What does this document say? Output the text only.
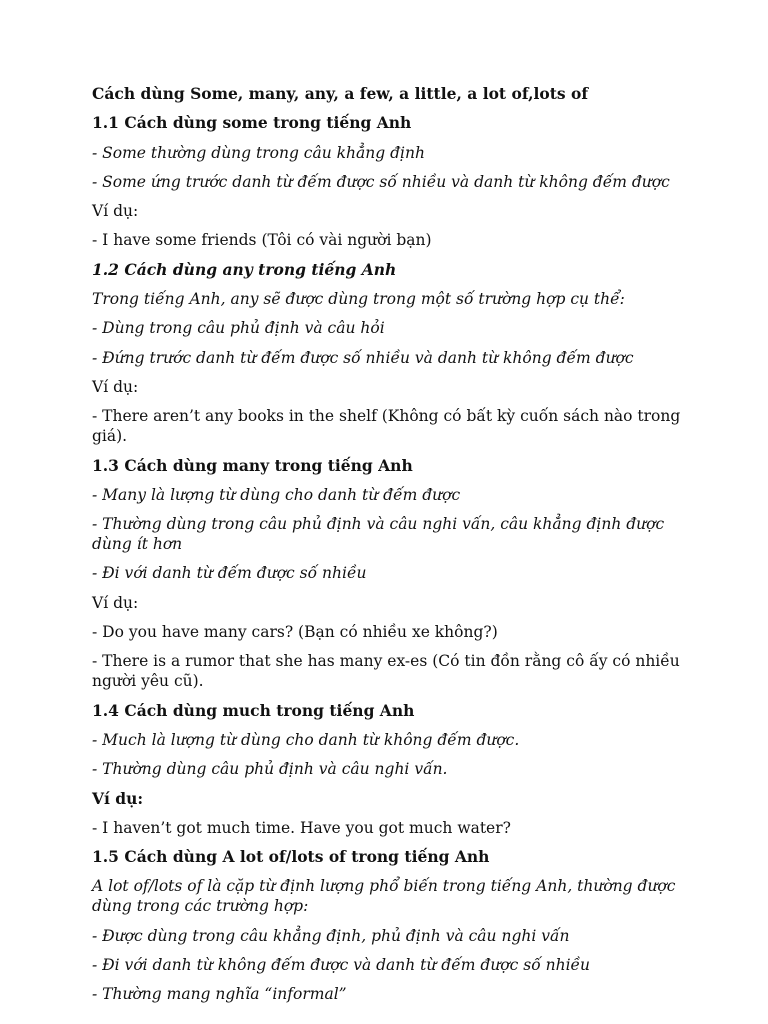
Cách dùng Some, many, any, a few, a little, a lot of,lots of
1.1 Cách dùng some trong tiếng Anh
- Some thường dùng trong câu khẳng định
- Some ứng trước danh từ đếm được số nhiều và danh từ không đếm được
Ví dụ:
- I have some friends (Tôi có vài người bạn)
1.2 Cách dùng any trong tiếng Anh
Trong tiếng Anh, any sẽ được dùng trong một số trường hợp cụ thể:
- Dùng trong câu phủ định và câu hỏi
- Đứng trước danh từ đếm được số nhiều và danh từ không đếm được
Ví dụ:
- There aren’t any books in the shelf (Không có bất kỳ cuốn sách nào trong giá).
1.3 Cách dùng many trong tiếng Anh
- Many là lượng từ dùng cho danh từ đếm được
- Thường dùng trong câu phủ định và câu nghi vấn, câu khẳng định được dùng ít hơn
- Đi với danh từ đếm được số nhiều
Ví dụ:
- Do you have many cars? (Bạn có nhiều xe không?)
- There is a rumor that she has many ex-es (Có tin đồn rằng cô ấy có nhiều người yêu cũ).
1.4 Cách dùng much trong tiếng Anh
- Much là lượng từ dùng cho danh từ không đếm được.
- Thường dùng câu phủ định và câu nghi vấn.
Ví dụ:
- I haven’t got much time. Have you got much water?
1.5 Cách dùng A lot of/lots of trong tiếng Anh
A lot of/lots of là cặp từ định lượng phổ biến trong tiếng Anh, thường được dùng trong các trường hợp:
- Được dùng trong câu khẳng định, phủ định và câu nghi vấn
- Đi với danh từ không đếm được và danh từ đếm được số nhiều
- Thường mang nghĩa “informal”
